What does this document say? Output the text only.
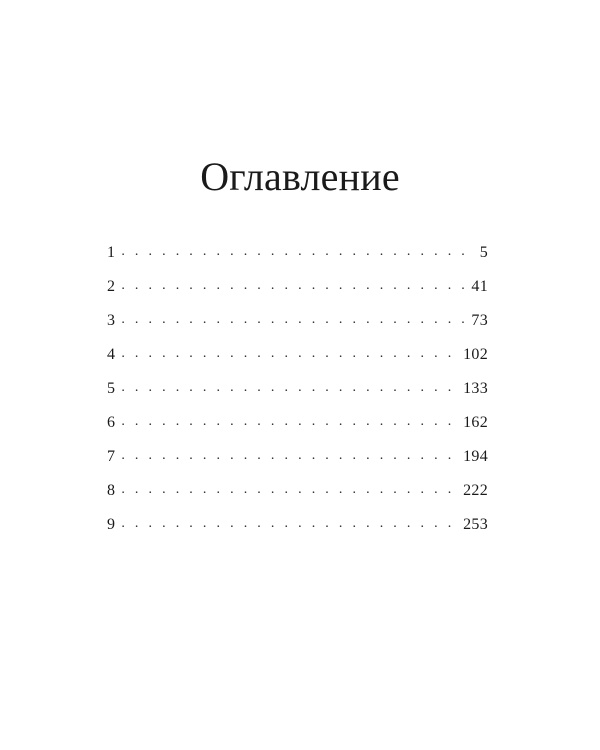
Оглавление
1 . . .	5
2 . . .	41
3 . . .	73
4 . . .	102
5 . . .	133
6 . . .	162
7 . . .	194
8 . . .	222
9 . . .	253
